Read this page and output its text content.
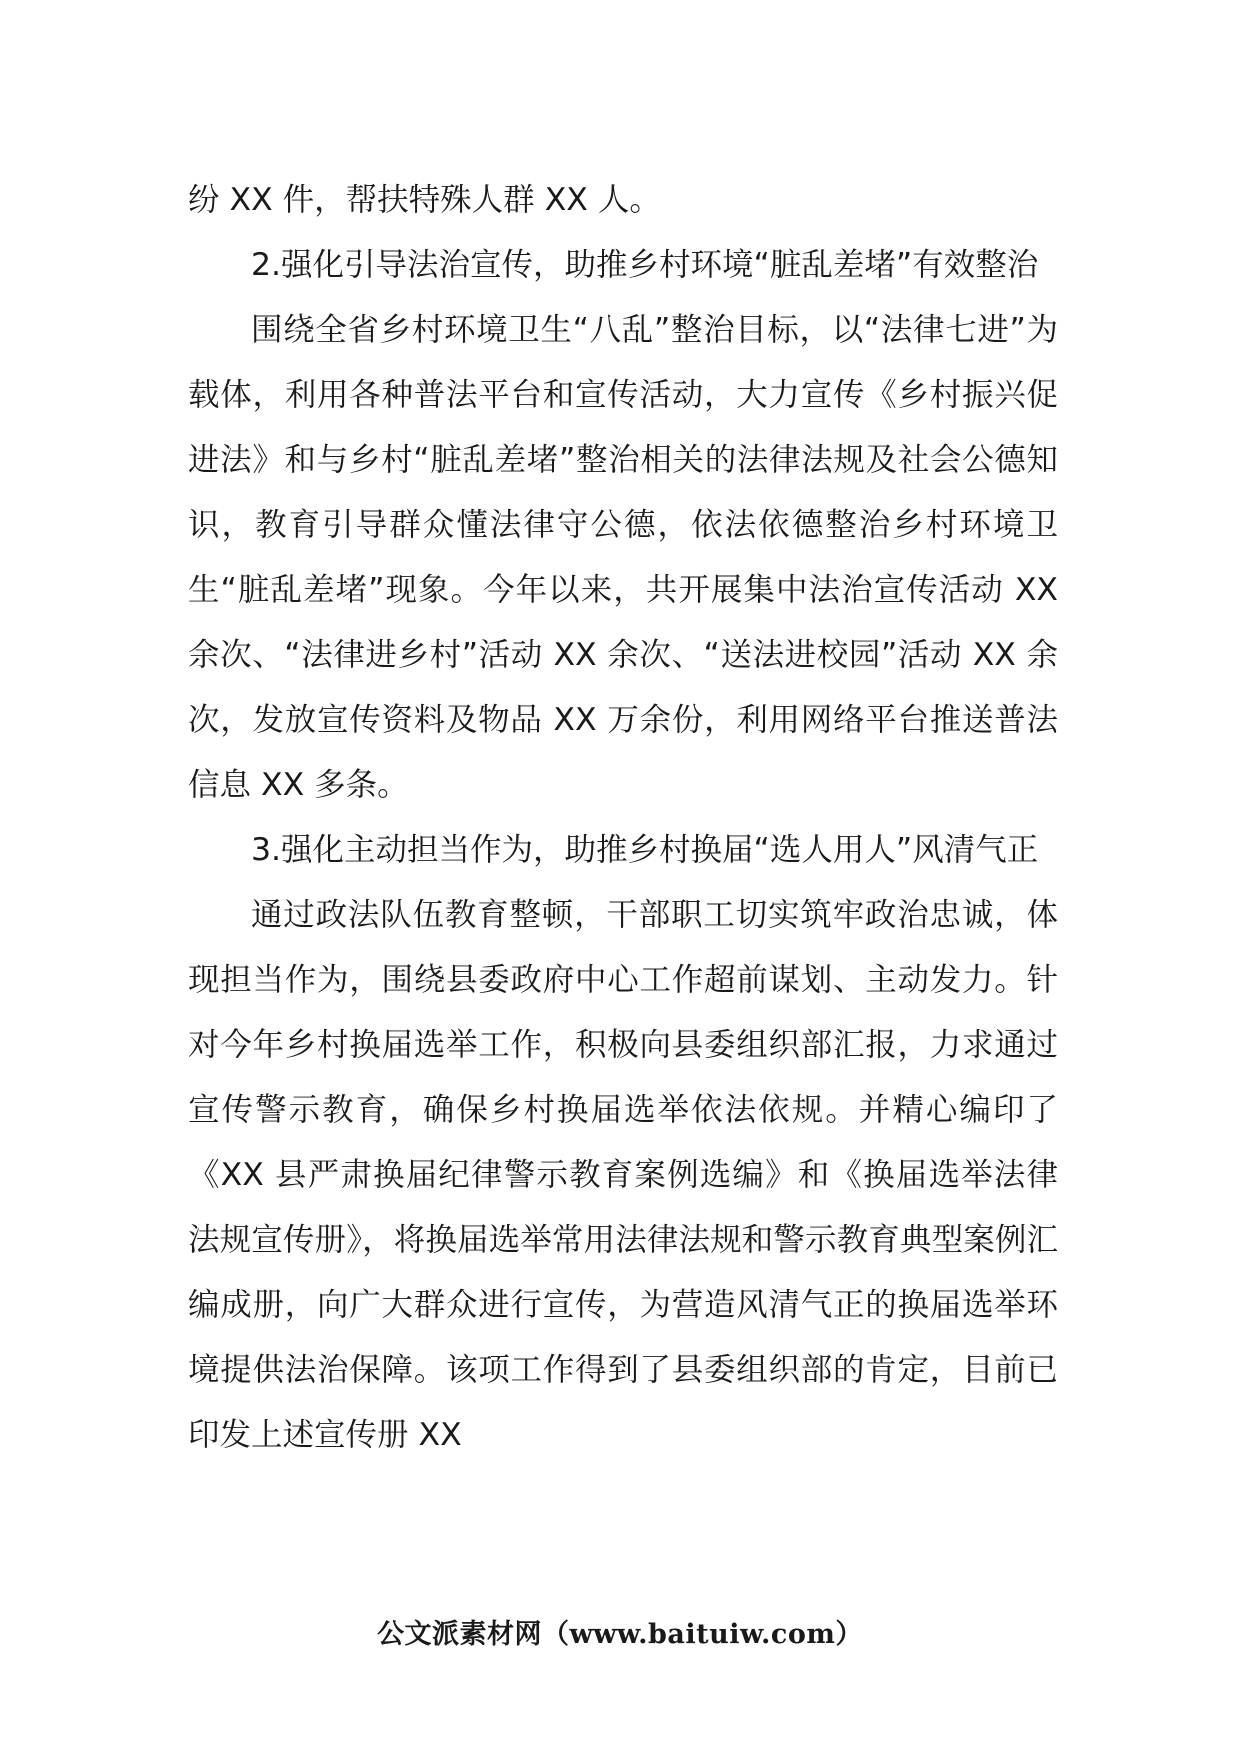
纷 XX 件，帮扶特殊人群 XX 人。

2.强化引导法治宣传，助推乡村环境“脏乱差堵”有效整治

围绕全省乡村环境卫生“八乱”整治目标，以“法律七进”为载体，利用各种普法平台和宣传活动，大力宣传《乡村振兴促进法》和与乡村“脏乱差堵”整治相关的法律法规及社会公德知识，教育引导群众懂法律守公德，依法依德整治乡村环境卫生“脏乱差堵”现象。今年以来，共开展集中法治宣传活动 XX 余次、“法律进乡村”活动 XX 余次、“送法进校园”活动 XX 余次，发放宣传资料及物品 XX 万余份，利用网络平台推送普法信息 XX 多条。

3.强化主动担当作为，助推乡村换届“选人用人”风清气正

通过政法队伍教育整顿，干部职工切实筑牢政治忠诚，体现担当作为，围绕县委政府中心工作超前谋划、主动发力。针对今年乡村换届选举工作，积极向县委组织部汇报，力求通过宣传警示教育，确保乡村换届选举依法依规。并精心编印了《XX 县严肃换届纪律警示教育案例选编》和《换届选举法律法规宣传册》，将换届选举常用法律法规和警示教育典型案例汇编成册，向广大群众进行宣传，为营造风清气正的换届选举环境提供法治保障。该项工作得到了县委组织部的肯定，目前已印发上述宣传册 XX

公文派素材网（www.baituiw.com）
